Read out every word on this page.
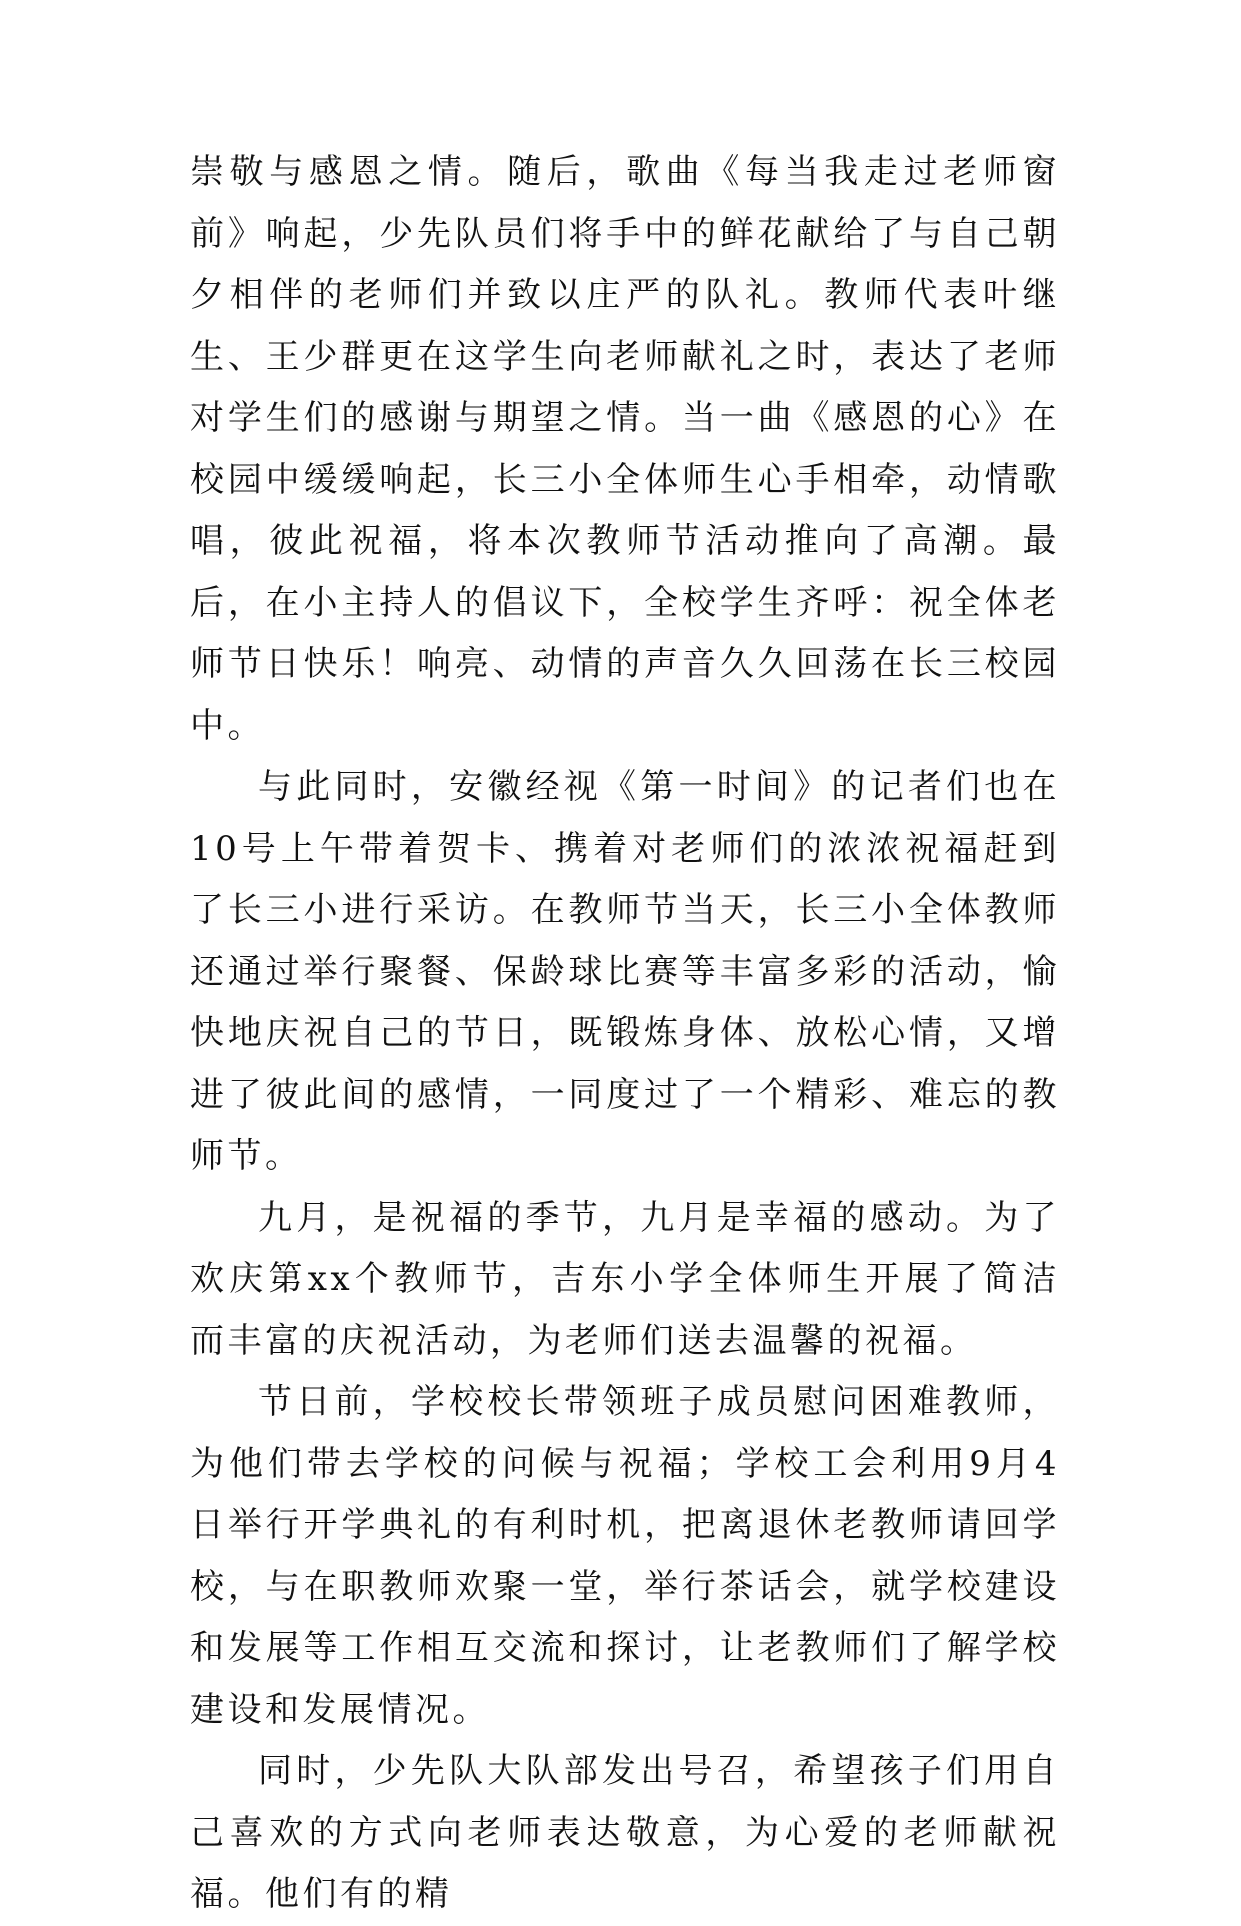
崇敬与感恩之情。随后，歌曲《每当我走过老师窗前》响起，少先队员们将手中的鲜花献给了与自己朝夕相伴的老师们并致以庄严的队礼。教师代表叶继生、王少群更在这学生向老师献礼之时，表达了老师对学生们的感谢与期望之情。当一曲《感恩的心》在校园中缓缓响起，长三小全体师生心手相牵，动情歌唱，彼此祝福，将本次教师节活动推向了高潮。最后，在小主持人的倡议下，全校学生齐呼：祝全体老师节日快乐！响亮、动情的声音久久回荡在长三校园中。

与此同时，安徽经视《第一时间》的记者们也在10号上午带着贺卡、携着对老师们的浓浓祝福赶到了长三小进行采访。在教师节当天，长三小全体教师还通过举行聚餐、保龄球比赛等丰富多彩的活动，愉快地庆祝自己的节日，既锻炼身体、放松心情，又增进了彼此间的感情，一同度过了一个精彩、难忘的教师节。

九月，是祝福的季节，九月是幸福的感动。为了欢庆第xx个教师节，吉东小学全体师生开展了简洁而丰富的庆祝活动，为老师们送去温馨的祝福。

节日前，学校校长带领班子成员慰问困难教师，为他们带去学校的问候与祝福；学校工会利用9月4日举行开学典礼的有利时机，把离退休老教师请回学校，与在职教师欢聚一堂，举行茶话会，就学校建设和发展等工作相互交流和探讨，让老教师们了解学校建设和发展情况。

同时，少先队大队部发出号召，希望孩子们用自己喜欢的方式向老师表达敬意，为心爱的老师献祝福。他们有的精
